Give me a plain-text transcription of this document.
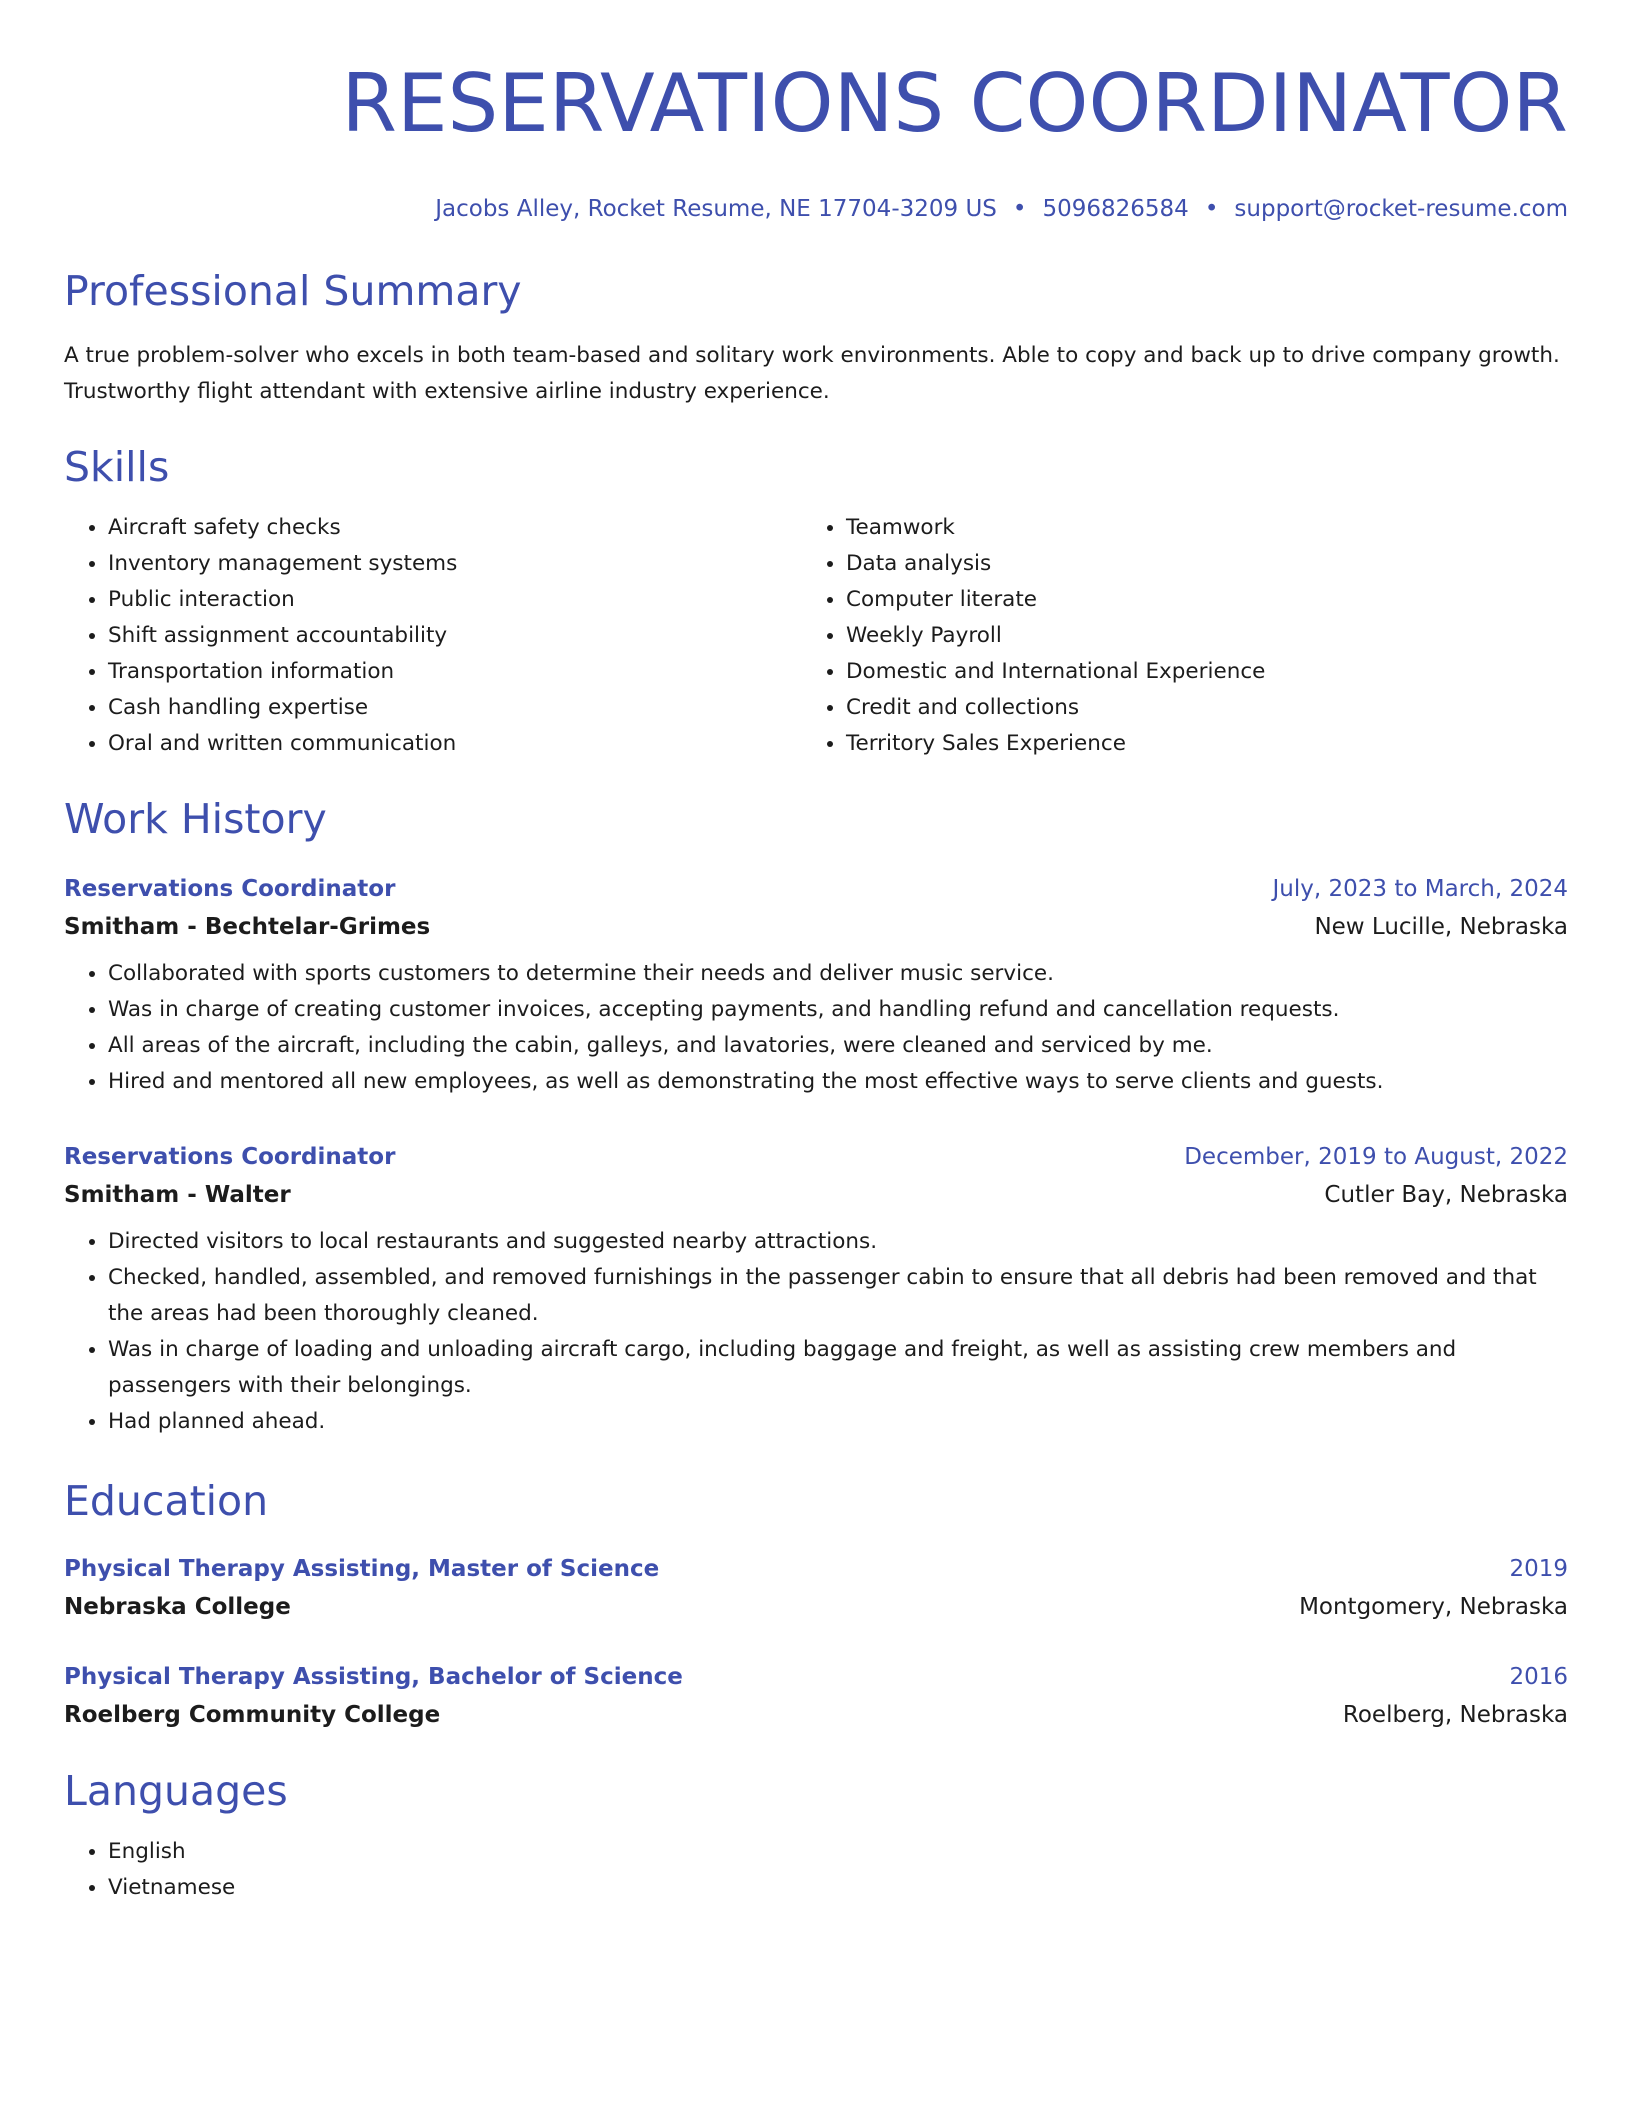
RESERVATIONS COORDINATOR
Jacobs Alley, Rocket Resume, NE 17704-3209 US • 5096826584 • support@rocket-resume.com
Professional Summary

A true problem-solver who excels in both team-based and solitary work environments. Able to copy and back up to drive company growth. Trustworthy flight attendant with extensive airline industry experience.

Skills
• Aircraft safety checks
• Inventory management systems
• Public interaction
• Shift assignment accountability
• Transportation information
• Cash handling expertise
• Oral and written communication
• Teamwork
• Data analysis
• Computer literate
• Weekly Payroll
• Domestic and International Experience
• Credit and collections
• Territory Sales Experience
Work History
Reservations Coordinator	July, 2023 to March, 2024
Smitham - Bechtelar-Grimes	New Lucille, Nebraska
• Collaborated with sports customers to determine their needs and deliver music service.
• Was in charge of creating customer invoices, accepting payments, and handling refund and cancellation requests.
• All areas of the aircraft, including the cabin, galleys, and lavatories, were cleaned and serviced by me.
• Hired and mentored all new employees, as well as demonstrating the most effective ways to serve clients and guests.
Reservations Coordinator	December, 2019 to August, 2022
Smitham - Walter	Cutler Bay, Nebraska
• Directed visitors to local restaurants and suggested nearby attractions.
• Checked, handled, assembled, and removed furnishings in the passenger cabin to ensure that all debris had been removed and that the areas had been thoroughly cleaned.
• Was in charge of loading and unloading aircraft cargo, including baggage and freight, as well as assisting crew members and passengers with their belongings.
• Had planned ahead.
Education
Physical Therapy Assisting, Master of Science	2019
Nebraska College	Montgomery, Nebraska
Physical Therapy Assisting, Bachelor of Science	2016
Roelberg Community College	Roelberg, Nebraska
Languages
• English
• Vietnamese
